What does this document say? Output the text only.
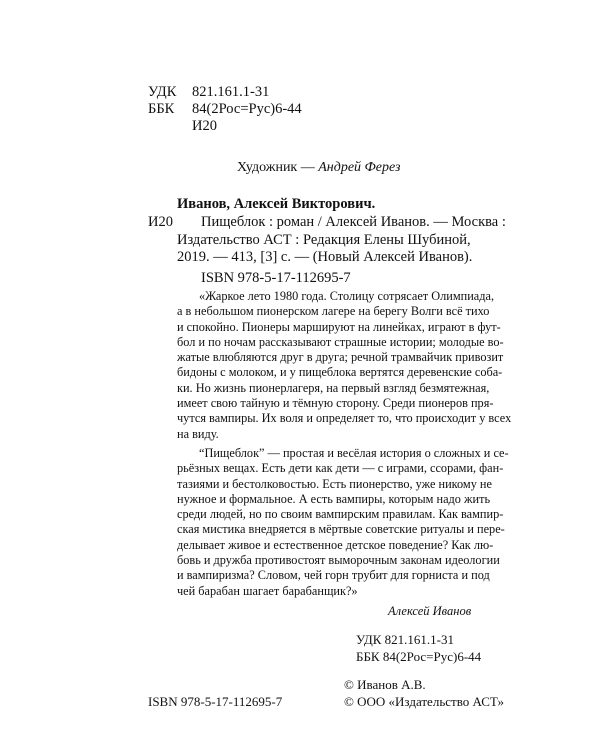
УДК 821.161.1-31
ББК 84(2Рос=Рус)6-44
И20
Художник — Андрей Ферез
Иванов, Алексей Викторович.
И20	Пищеблок : роман / Алексей Иванов. — Москва :
Издательство АСТ : Редакция Елены Шубиной,
2019. — 413, [3] с. — (Новый Алексей Иванов).
ISBN 978-5-17-112695-7
«Жаркое лето 1980 года. Столицу сотрясает Олимпиада,
а в небольшом пионерском лагере на берегу Волги всё тихо
и спокойно. Пионеры маршируют на линейках, играют в фут-
бол и по ночам рассказывают страшные истории; молодые во-
жатые влюбляются друг в друга; речной трамвайчик привозит
бидоны с молоком, и у пищеблока вертятся деревенские соба-
ки. Но жизнь пионерлагеря, на первый взгляд безмятежная,
имеет свою тайную и тёмную сторону. Среди пионеров пря-
чутся вампиры. Их воля и определяет то, что происходит у всех
на виду.
“Пищеблок” — простая и весёлая история о сложных и се-
рьёзных вещах. Есть дети как дети — с играми, ссорами, фан-
тазиями и бестолковостью. Есть пионерство, уже никому не
нужное и формальное. А есть вампиры, которым надо жить
среди людей, но по своим вампирским правилам. Как вампир-
ская мистика внедряется в мёртвые советские ритуалы и пере-
делывает живое и естественное детское поведение? Как лю-
бовь и дружба противостоят выморочным законам идеологии
и вампиризма? Словом, чей горн трубит для горниста и под
чей барабан шагает барабанщик?»
Алексей Иванов
УДК 821.161.1-31
ББК 84(2Рос=Рус)6-44
© Иванов А.В.
ISBN 978-5-17-112695-7	© ООО «Издательство АСТ»
